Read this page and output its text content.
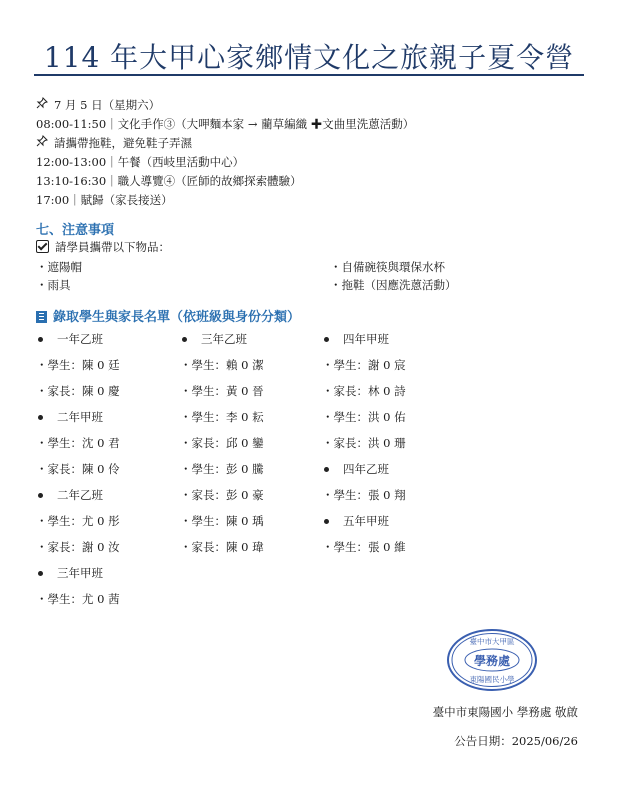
114 年大甲心家鄉情文化之旅親子夏令營
7 月 5 日（星期六）
08:00-11:50｜文化手作③（大呷麵本家 → 藺草編織 ✚文曲里洗蒽活動）
請攜帶拖鞋，避免鞋子弄濕
12:00-13:00｜午餐（西岐里活動中心）
13:10-16:30｜職人導覽④（匠師的故鄉探索體驗）
17:00｜賦歸（家長接送）
七、注意事項
請學員攜帶以下物品：
・遮陽帽	・自備碗筷與環保水杯
・雨具	・拖鞋（因應洗蒽活動）
錄取學生與家長名單（依班級與身份分類）
一年乙班
・學生：陳 0 廷
・家長：陳 0 慶
二年甲班
・學生：沈 0 君
・家長：陳 0 伶
二年乙班
・學生：尤 0 彤
・家長：謝 0 汝
三年甲班
・學生：尤 0 茜
三年乙班
・學生：賴 0 潔
・學生：黃 0 晉
・學生：李 0 耘
・家長：邱 0 鑾
・學生：彭 0 騰
・家長：彭 0 豪
・學生：陳 0 瑀
・家長：陳 0 瑋
四年甲班
・學生：謝 0 宸
・家長：林 0 詩
・學生：洪 0 佑
・家長：洪 0 珊
四年乙班
・學生：張 0 翔
五年甲班
・學生：張 0 維
臺中市大甲區
學務處
東陽國民小學
臺中市東陽國小 學務處 敬啟
公告日期：2025/06/26
